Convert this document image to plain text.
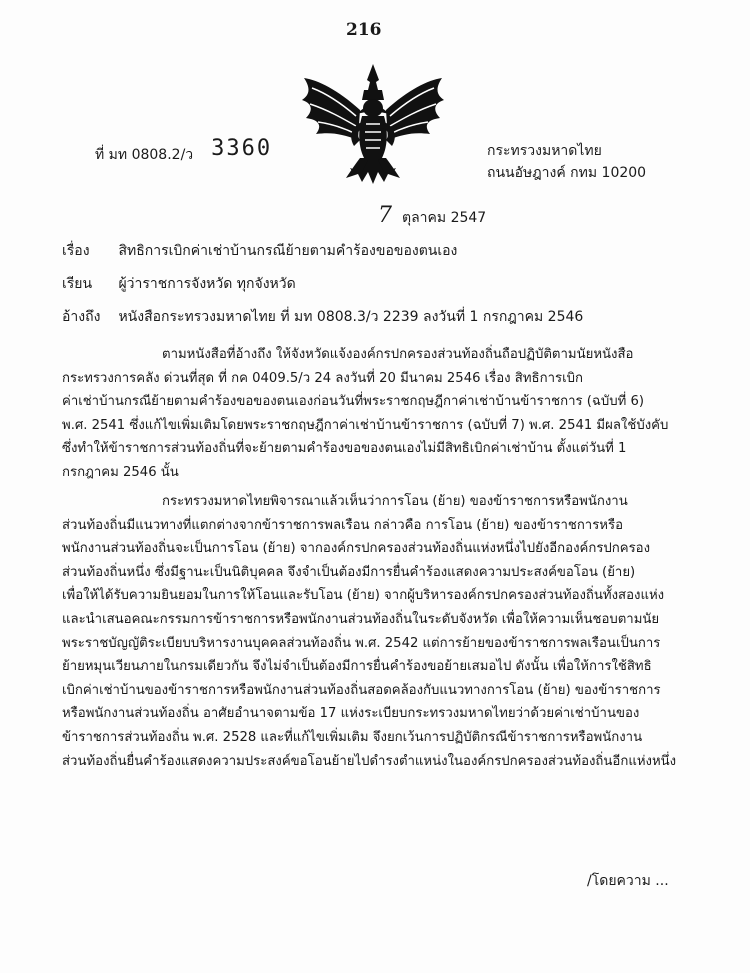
216
ที่ มท 0808.2/ว 3360	กระทรวงมหาดไทย
ถนนอัษฎางค์ กทม 10200
7 ตุลาคม 2547
เรื่อง สิทธิการเบิกค่าเช่าบ้านกรณีย้ายตามคำร้องขอของตนเอง
เรียน ผู้ว่าราชการจังหวัด ทุกจังหวัด
อ้างถึง หนังสือกระทรวงมหาดไทย ที่ มท 0808.3/ว 2239 ลงวันที่ 1 กรกฎาคม 2546

ตามหนังสือที่อ้างถึง ให้จังหวัดแจ้งองค์กรปกครองส่วนท้องถิ่นถือปฏิบัติตามนัยหนังสือ
กระทรวงการคลัง ด่วนที่สุด ที่ กค 0409.5/ว 24 ลงวันที่ 20 มีนาคม 2546 เรื่อง สิทธิการเบิก
ค่าเช่าบ้านกรณีย้ายตามคำร้องขอของตนเองก่อนวันที่พระราชกฤษฎีกาค่าเช่าบ้านข้าราชการ (ฉบับที่ 6)
พ.ศ. 2541 ซึ่งแก้ไขเพิ่มเติมโดยพระราชกฤษฎีกาค่าเช่าบ้านข้าราชการ (ฉบับที่ 7) พ.ศ. 2541 มีผลใช้บังคับ
ซึ่งทำให้ข้าราชการส่วนท้องถิ่นที่จะย้ายตามคำร้องขอของตนเองไม่มีสิทธิเบิกค่าเช่าบ้าน ตั้งแต่วันที่ 1
กรกฎาคม 2546 นั้น

กระทรวงมหาดไทยพิจารณาแล้วเห็นว่าการโอน (ย้าย) ของข้าราชการหรือพนักงาน
ส่วนท้องถิ่นมีแนวทางที่แตกต่างจากข้าราชการพลเรือน กล่าวคือ การโอน (ย้าย) ของข้าราชการหรือ
พนักงานส่วนท้องถิ่นจะเป็นการโอน (ย้าย) จากองค์กรปกครองส่วนท้องถิ่นแห่งหนึ่งไปยังอีกองค์กรปกครอง
ส่วนท้องถิ่นหนึ่ง ซึ่งมีฐานะเป็นนิติบุคคล จึงจำเป็นต้องมีการยื่นคำร้องแสดงความประสงค์ขอโอน (ย้าย)
เพื่อให้ได้รับความยินยอมในการให้โอนและรับโอน (ย้าย) จากผู้บริหารองค์กรปกครองส่วนท้องถิ่นทั้งสองแห่ง
และนำเสนอคณะกรรมการข้าราชการหรือพนักงานส่วนท้องถิ่นในระดับจังหวัด เพื่อให้ความเห็นชอบตามนัย
พระราชบัญญัติระเบียบบริหารงานบุคคลส่วนท้องถิ่น พ.ศ. 2542 แต่การย้ายของข้าราชการพลเรือนเป็นการ
ย้ายหมุนเวียนภายในกรมเดียวกัน จึงไม่จำเป็นต้องมีการยื่นคำร้องขอย้ายเสมอไป ดังนั้น เพื่อให้การใช้สิทธิ
เบิกค่าเช่าบ้านของข้าราชการหรือพนักงานส่วนท้องถิ่นสอดคล้องกับแนวทางการโอน (ย้าย) ของข้าราชการ
หรือพนักงานส่วนท้องถิ่น อาศัยอำนาจตามข้อ 17 แห่งระเบียบกระทรวงมหาดไทยว่าด้วยค่าเช่าบ้านของ
ข้าราชการส่วนท้องถิ่น พ.ศ. 2528 และที่แก้ไขเพิ่มเติม จึงยกเว้นการปฏิบัติกรณีข้าราชการหรือพนักงาน
ส่วนท้องถิ่นยื่นคำร้องแสดงความประสงค์ขอโอนย้ายไปดำรงตำแหน่งในองค์กรปกครองส่วนท้องถิ่นอีกแห่งหนึ่ง

/โดยความ ...
